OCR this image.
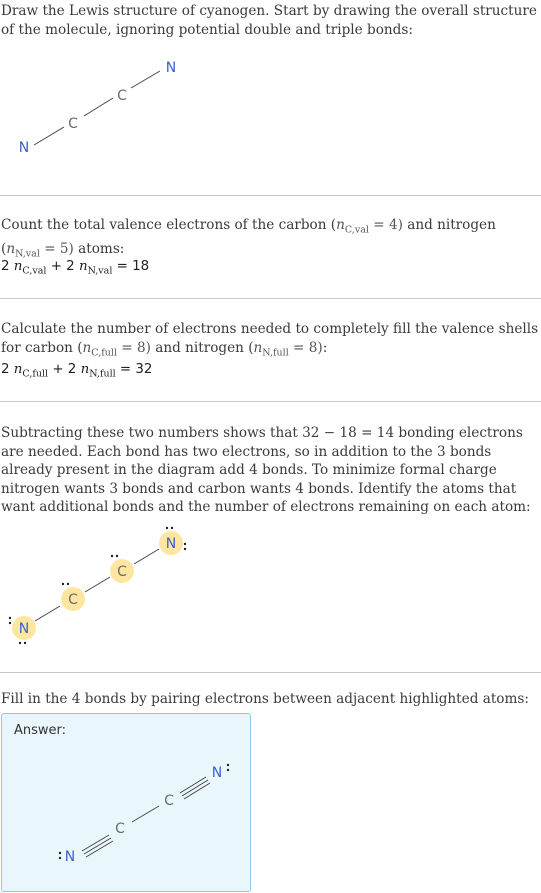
Draw the Lewis structure of cyanogen. Start by drawing the overall structure of the molecule, ignoring potential double and triple bonds:
N
C
C
N
Count the total valence electrons of the carbon $(n_{C,val} = 4)$ and nitrogen $(n_{N,val} = 5)$ atoms:
2 $n_{C,val} + 2$ $n_{N,val} = 18$
Calculate the number of electrons needed to completely fill the valence shells for carbon $(n_{C,full} = 8)$ and nitrogen $(n_{N,full} = 8)$:
2 $n_{C,full} + 2$ $n_{N,full} = 32$
Subtracting these two numbers shows that 32 − 18 = 14 bonding electrons are needed. Each bond has two electrons, so in addition to the 3 bonds already present in the diagram add 4 bonds. To minimize formal charge nitrogen wants 3 bonds and carbon wants 4 bonds. Identify the atoms that want additional bonds and the number of electrons remaining on each atom:
N
C
C
N
Fill in the 4 bonds by pairing electrons between adjacent highlighted atoms:
Answer:
N
C
C
N
